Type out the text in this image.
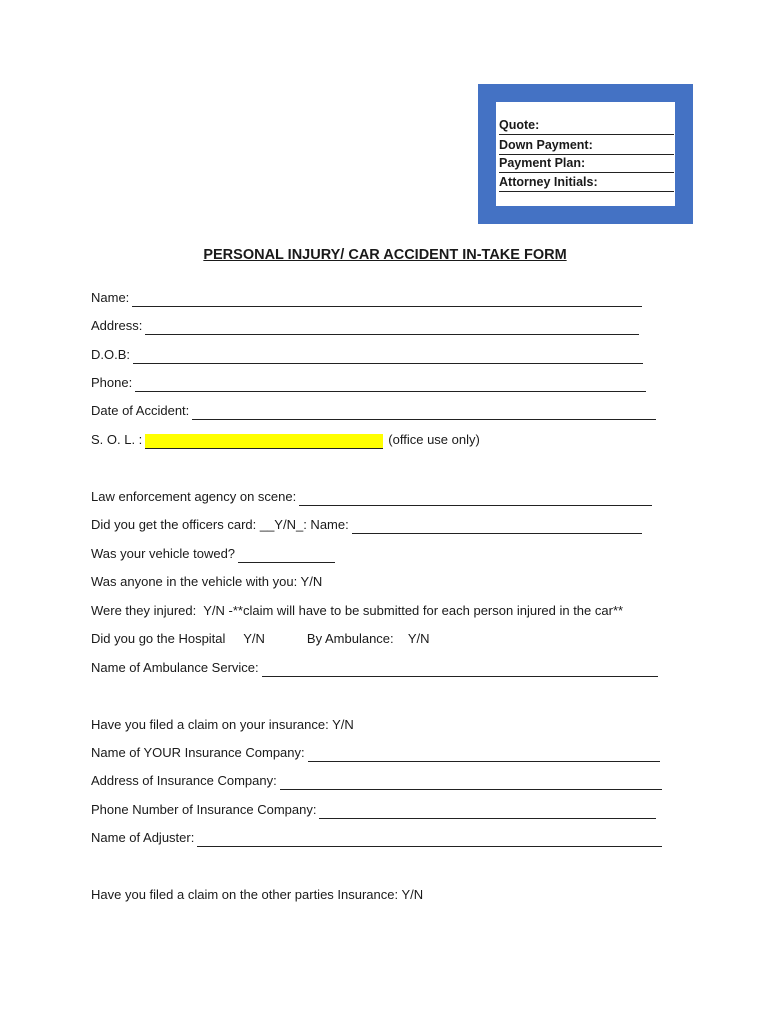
Quote:
Down Payment:
Payment Plan:
Attorney Initials:
PERSONAL INJURY/ CAR ACCIDENT IN-TAKE FORM
Name:
Address:
D.O.B:
Phone:
Date of Accident:
S. O. L. :	(office use only)
Law enforcement agency on scene:
Did you get the officers card: __Y/N_: Name:
Was your vehicle towed?
Was anyone in the vehicle with you: Y/N
Were they injured:  Y/N -**claim will have to be submitted for each person injured in the car**
Did you go the Hospital     Y/N	By Ambulance:    Y/N
Name of Ambulance Service:
Have you filed a claim on your insurance: Y/N
Name of YOUR Insurance Company:
Address of Insurance Company:
Phone Number of Insurance Company:
Name of Adjuster:
Have you filed a claim on the other parties Insurance: Y/N
